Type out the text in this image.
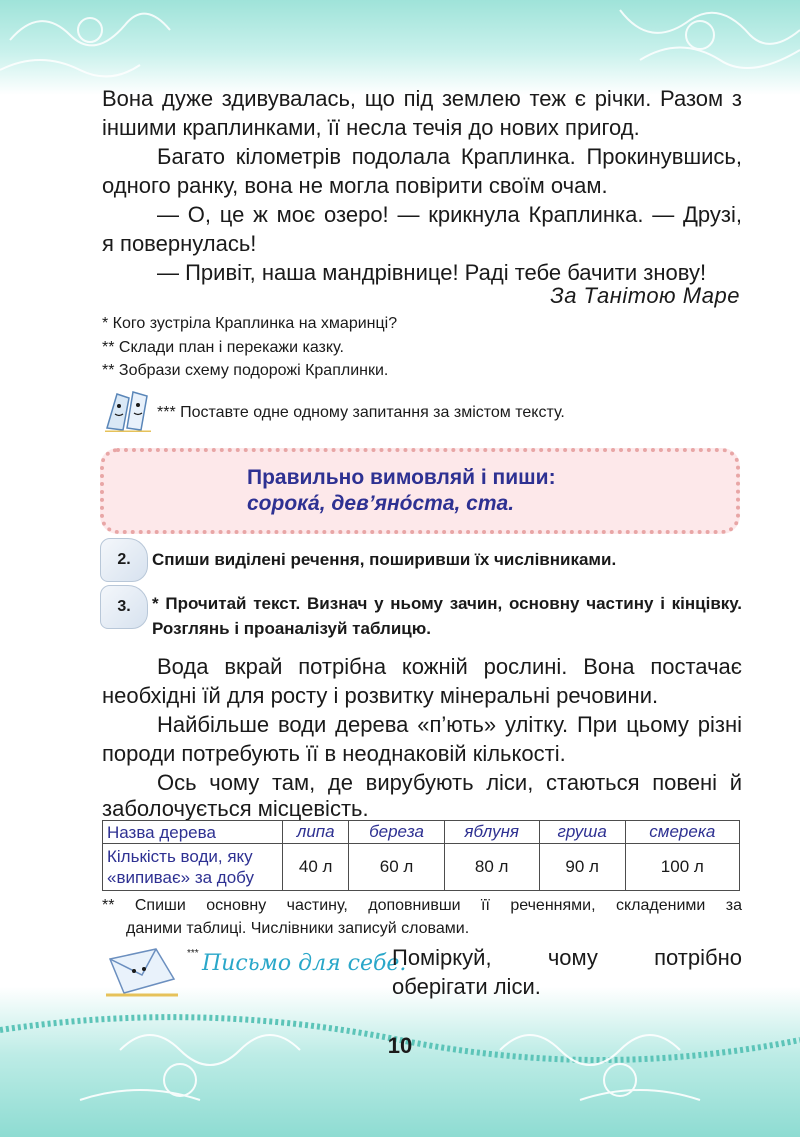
Вона дуже здивувалась, що під землею теж є річки. Разом з

іншими краплинками, її несла течія до нових пригод.

Багато кілометрів подолала Краплинка. Прокинувшись,

одного ранку, вона не могла повірити своїм очам.

— О, це ж моє озеро! — крикнула Краплинка. — Друзі,

я повернулась!

— Привіт, наша мандрівнице! Раді тебе бачити знову!

За Танітою Маре

* Кого зустріла Краплинка на хмаринці?

** Склади план і перекажи казку.

** Зобрази схему подорожі Краплинки.

*** Поставте одне одному запитання за змістом тексту.

Правильно вимовляй і пиши:
сорока́, дев’яно́ста, ста.
2.	Спиши виділені речення, поширивши їх числівниками.
3.	* Прочитай текст. Визнач у ньому зачин, основну частину і кінцівку. Розглянь і проаналізуй таблицю.

Вода вкрай потрібна кожній рослині. Вона постачає

необхідні їй для росту і розвитку мінеральні речовини.

Найбільше води дерева «п’ють» улітку. При цьому різні

породи потребують її в неоднаковій кількості.

Ось чому там, де вирубують ліси, стаються повені й

заболочується місцевість.

Назва дерева	липа	береза	яблуня	груша	смерека

Кількість води, яку
«випиває» за добу	40 л	60 л	80 л	90 л	100 л

** Спиши основну частину, доповнивши її реченнями, складеними за

даними таблиці. Числівники записуй словами.

*** Письмо для себе.
Поміркуй,	чому	потрібно
оберігати ліси.
10
